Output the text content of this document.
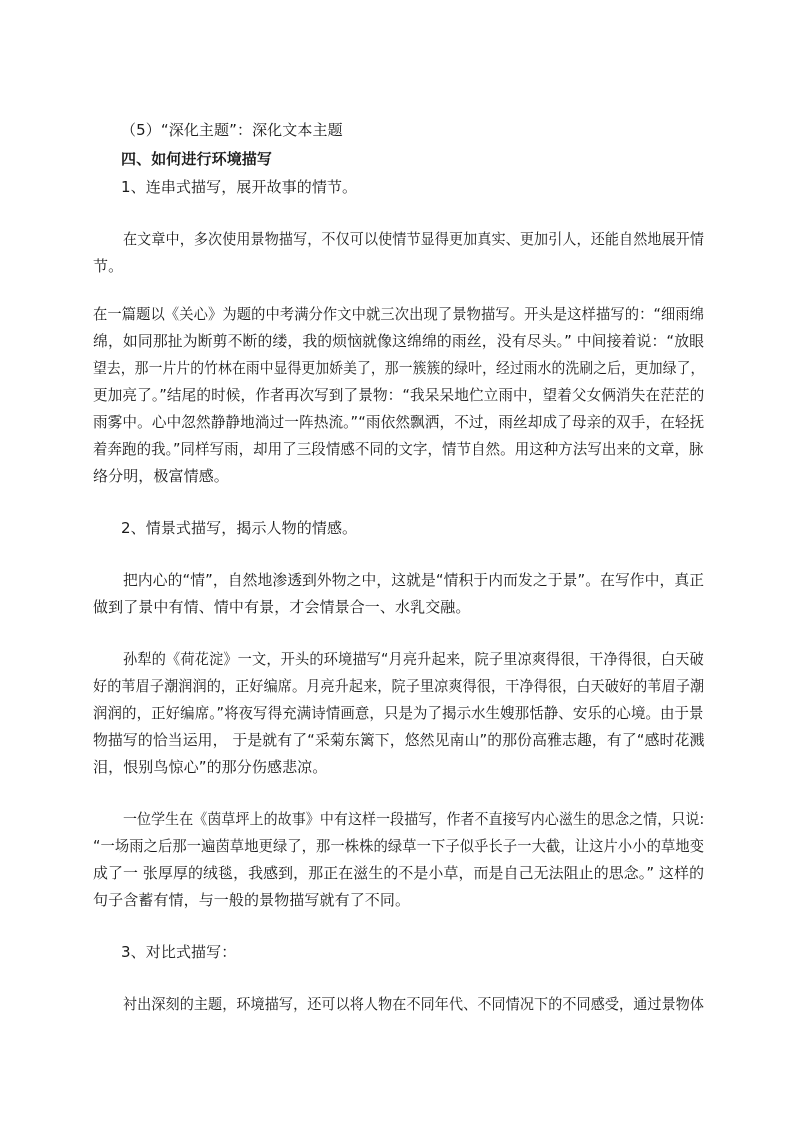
（5）“深化主题”：深化文本主题
四、如何进行环境描写
1、连串式描写，展开故事的情节。
在文章中，多次使用景物描写，不仅可以使情节显得更加真实、更加引人，还能自然地展开情
节。
在一篇题以《关心》为题的中考满分作文中就三次出现了景物描写。开头是这样描写的：“细雨绵
绵，如同那扯为断剪不断的缕，我的烦恼就像这绵绵的雨丝，没有尽头。” 中间接着说：“放眼
望去，那一片片的竹林在雨中显得更加娇美了，那一簇簇的绿叶，经过雨水的洗刷之后，更加绿了，
更加亮了。”结尾的时候，作者再次写到了景物：“我呆呆地伫立雨中，望着父女俩消失在茫茫的
雨雾中。心中忽然静静地淌过一阵热流。”“雨依然飘洒，不过，雨丝却成了母亲的双手，在轻抚
着奔跑的我。”同样写雨，却用了三段情感不同的文字，情节自然。用这种方法写出来的文章，脉
络分明，极富情感。
2、情景式描写，揭示人物的情感。
把内心的“情”，自然地渗透到外物之中，这就是“情积于内而发之于景”。在写作中，真正
做到了景中有情、情中有景，才会情景合一、水乳交融。
孙犁的《荷花淀》一文，开头的环境描写“月亮升起来，院子里凉爽得很，干净得很，白天破
好的苇眉子潮润润的，正好编席。月亮升起来，院子里凉爽得很，干净得很，白天破好的苇眉子潮
润润的，正好编席。”将夜写得充满诗情画意，只是为了揭示水生嫂那恬静、安乐的心境。由于景
物描写的恰当运用， 于是就有了“采菊东篱下，悠然见南山”的那份高雅志趣，有了“感时花溅
泪，恨别鸟惊心”的那分伤感悲凉。
一位学生在《茵草坪上的故事》中有这样一段描写，作者不直接写内心滋生的思念之情，只说:
“一场雨之后那一遍茵草地更绿了，那一株株的绿草一下子似乎长子一大截，让这片小小的草地变
成了一 张厚厚的绒毯，我感到，那正在滋生的不是小草，而是自己无法阻止的思念。” 这样的
句子含蓄有情，与一般的景物描写就有了不同。
3、对比式描写：
衬出深刻的主题，环境描写，还可以将人物在不同年代、不同情况下的不同感受，通过景物体
